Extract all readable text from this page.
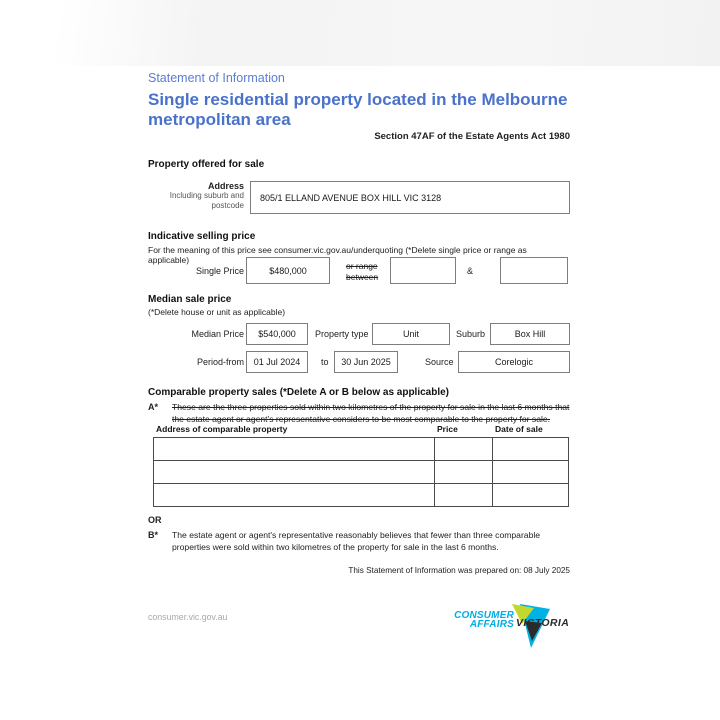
Statement of Information
Single residential property located in the Melbourne metropolitan area
Section 47AF of the Estate Agents Act 1980
Property offered for sale
Address
Including suburb and postcode
805/1 ELLAND AVENUE BOX HILL VIC 3128
Indicative selling price
For the meaning of this price see consumer.vic.gov.au/underquoting (*Delete single price or range as applicable)
Single Price	$480,000	or range between
&
Median sale price
(*Delete house or unit as applicable)
Median Price $540,000 Property type	Unit	Suburb	Box Hill
Period-from 01 Jul 2024 to 30 Jun 2025	Source	Corelogic
Comparable property sales (*Delete A or B below as applicable)
A* These are the three properties sold within two kilometres of the property for sale in the last 6 months that the estate agent or agent's representative considers to be most comparable to the property for sale.
Address of comparable property	Price	Date of sale
OR
B* The estate agent or agent's representative reasonably believes that fewer than three comparable properties were sold within two kilometres of the property for sale in the last 6 months.
This Statement of Information was prepared on: 08 July 2025
consumer.vic.gov.au	CONSUMER
AFFAIRS VICTORIA
